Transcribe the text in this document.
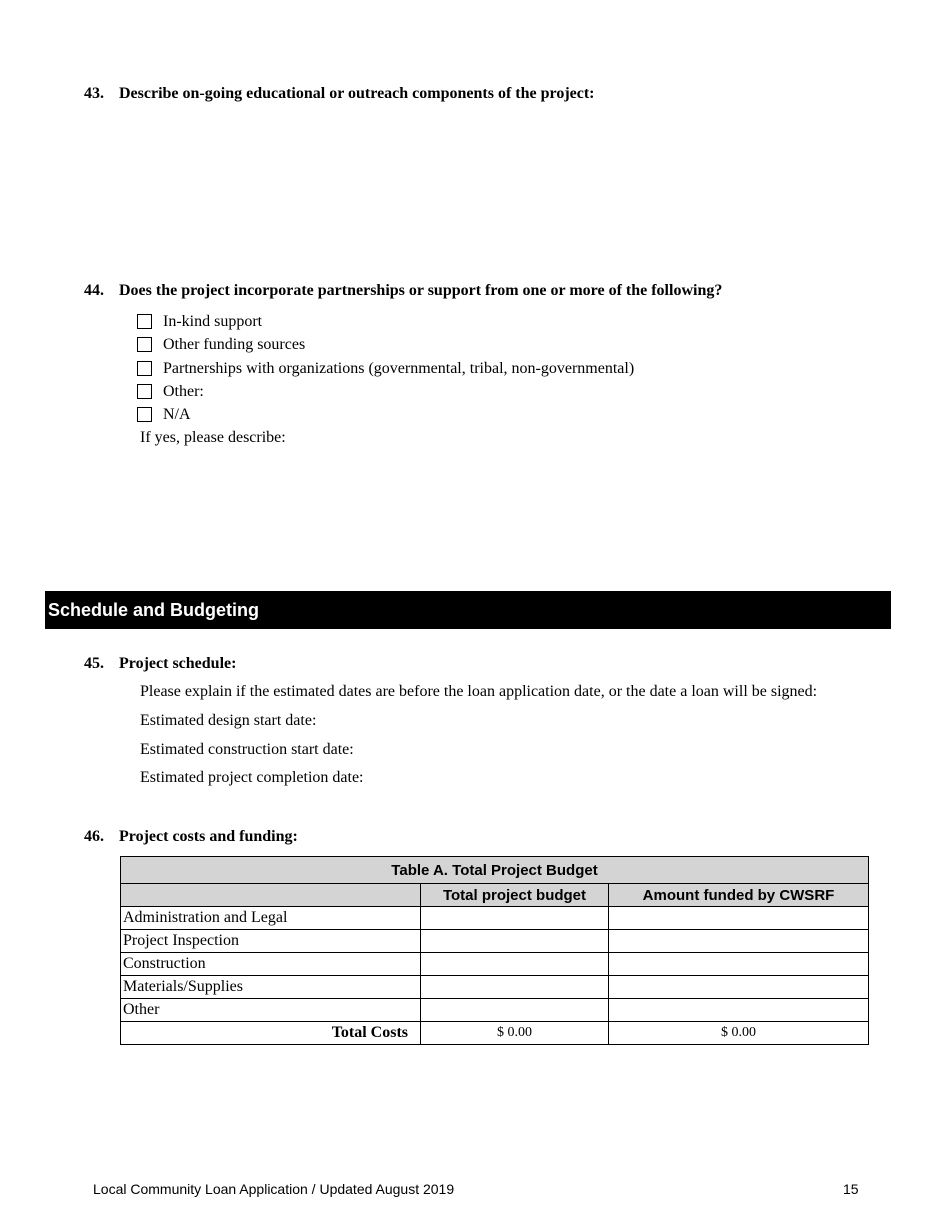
43. Describe on-going educational or outreach components of the project:
44. Does the project incorporate partnerships or support from one or more of the following?
In-kind support
Other funding sources
Partnerships with organizations (governmental, tribal, non-governmental)
Other:
N/A
If yes, please describe:
Schedule and Budgeting
45. Project schedule:
Please explain if the estimated dates are before the loan application date, or the date a loan will be signed:
Estimated design start date:
Estimated construction start date:
Estimated project completion date:
46. Project costs and funding:
Table A. Total Project Budget		
	Total project budget	Amount funded by CWSRF
Administration and Legal		
Project Inspection		
Construction		
Materials/Supplies		
Other		
Total Costs	$ 0.00	$ 0.00
Local Community Loan Application / Updated August 2019	15
